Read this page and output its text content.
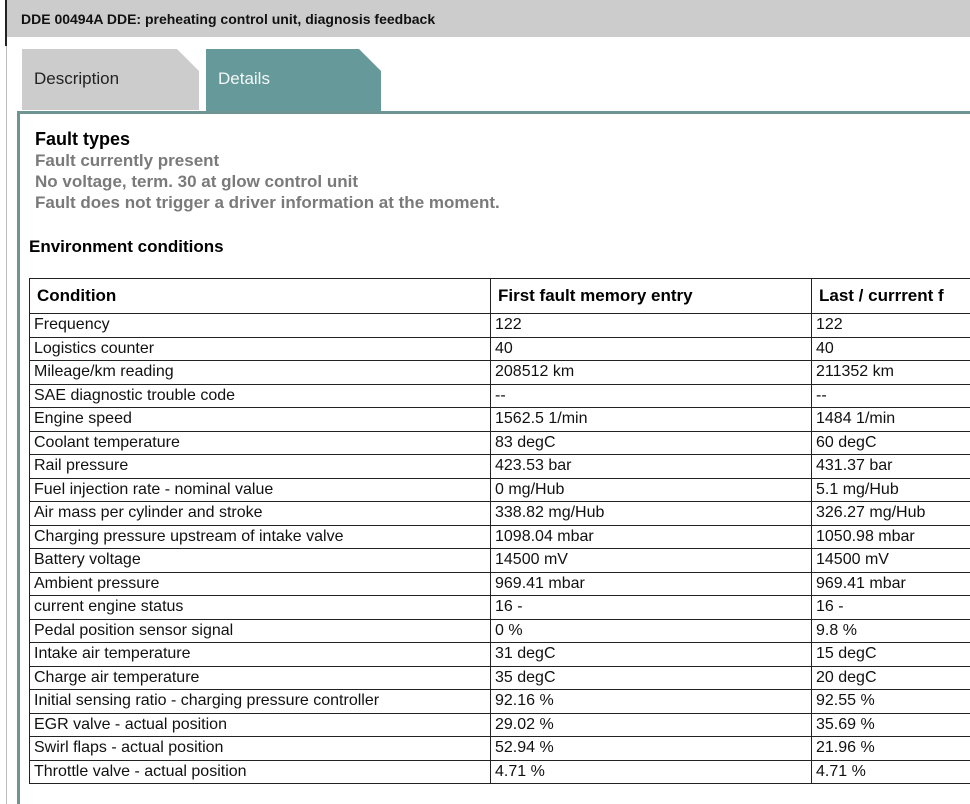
DDE 00494A DDE: preheating control unit, diagnosis feedback
Description	Details
Fault types
Fault currently present
No voltage, term. 30 at glow control unit
Fault does not trigger a driver information at the moment.
Environment conditions
Condition	First fault memory entry	Last / currrent f
Frequency	122	122
Logistics counter	40	40
Mileage/km reading	208512 km	211352 km
SAE diagnostic trouble code	--	--
Engine speed	1562.5 1/min	1484 1/min
Coolant temperature	83 degC	60 degC
Rail pressure	423.53 bar	431.37 bar
Fuel injection rate - nominal value	0 mg/Hub	5.1 mg/Hub
Air mass per cylinder and stroke	338.82 mg/Hub	326.27 mg/Hub
Charging pressure upstream of intake valve	1098.04 mbar	1050.98 mbar
Battery voltage	14500 mV	14500 mV
Ambient pressure	969.41 mbar	969.41 mbar
current engine status	16 -	16 -
Pedal position sensor signal	0 %	9.8 %
Intake air temperature	31 degC	15 degC
Charge air temperature	35 degC	20 degC
Initial sensing ratio - charging pressure controller	92.16 %	92.55 %
EGR valve - actual position	29.02 %	35.69 %
Swirl flaps - actual position	52.94 %	21.96 %
Throttle valve - actual position	4.71 %	4.71 %
